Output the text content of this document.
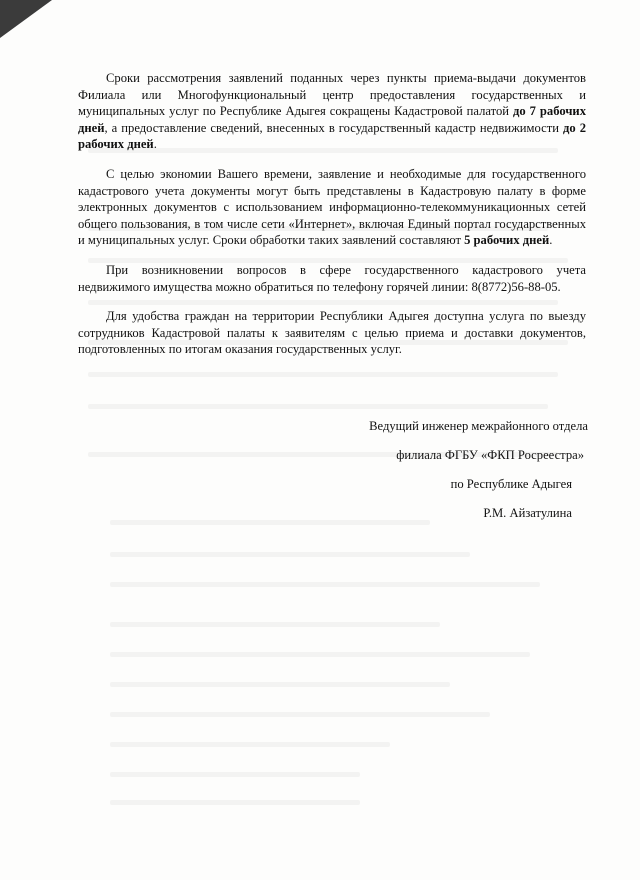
Сроки рассмотрения заявлений поданных через пункты приема-выдачи документов Филиала или Многофункциональный центр предоставления государственных и муниципальных услуг по Республике Адыгея сокращены Кадастровой палатой до 7 рабочих дней, а предоставление сведений, внесенных в государственный кадастр недвижимости до 2 рабочих дней.

С целью экономии Вашего времени, заявление и необходимые для государственного кадастрового учета документы могут быть представлены в Кадастровую палату в форме электронных документов с использованием информационно-телекоммуникационных сетей общего пользования, в том числе сети «Интернет», включая Единый портал государственных и муниципальных услуг. Сроки обработки таких заявлений составляют 5 рабочих дней.

При возникновении вопросов в сфере государственного кадастрового учета недвижимого имущества можно обратиться по телефону горячей линии: 8(8772)56-88-05.

Для удобства граждан на территории Республики Адыгея доступна услуга по выезду сотрудников Кадастровой палаты к заявителям с целью приема и доставки документов, подготовленных по итогам оказания государственных услуг.

Ведущий инженер межрайонного отдела
филиала ФГБУ «ФКП Росреестра»
по Республике Адыгея
Р.М. Айзатулина
